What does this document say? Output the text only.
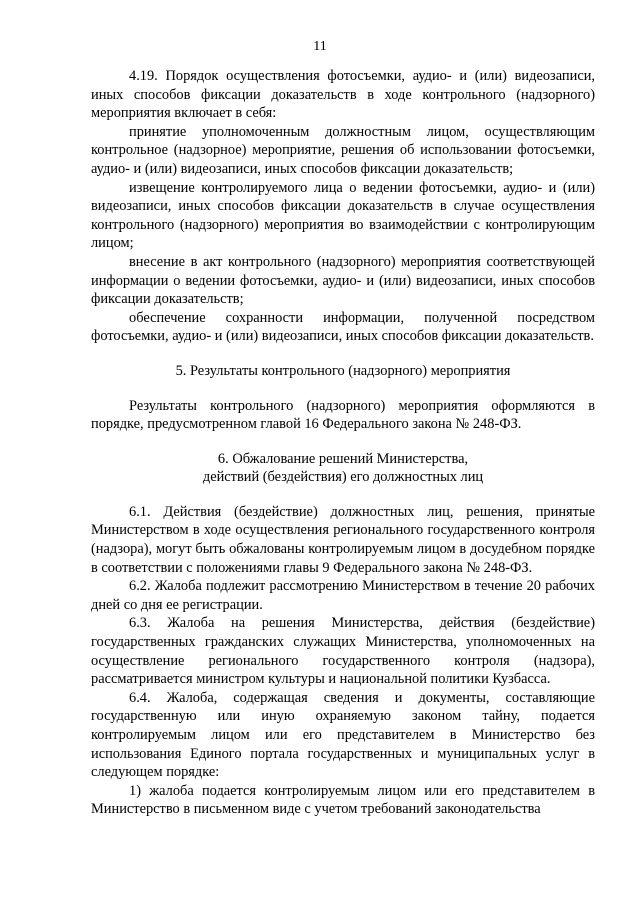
11

4.19. Порядок осуществления фотосъемки, аудио- и (или) видеозаписи, иных способов фиксации доказательств в ходе контрольного (надзорного) мероприятия включает в себя:

принятие уполномоченным должностным лицом, осуществляющим контрольное (надзорное) мероприятие, решения об использовании фотосъемки, аудио- и (или) видеозаписи, иных способов фиксации доказательств;

извещение контролируемого лица о ведении фотосъемки, аудио- и (или) видеозаписи, иных способов фиксации доказательств в случае осуществления контрольного (надзорного) мероприятия во взаимодействии с контролирующим лицом;

внесение в акт контрольного (надзорного) мероприятия соответствующей информации о ведении фотосъемки, аудио- и (или) видеозаписи, иных способов фиксации доказательств;

обеспечение сохранности информации, полученной посредством фотосъемки, аудио- и (или) видеозаписи, иных способов фиксации доказательств.

5. Результаты контрольного (надзорного) мероприятия

Результаты контрольного (надзорного) мероприятия оформляются в порядке, предусмотренном главой 16 Федерального закона № 248-ФЗ.

6. Обжалование решений Министерства,

действий (бездействия) его должностных лиц

6.1. Действия (бездействие) должностных лиц, решения, принятые Министерством в ходе осуществления регионального государственного контроля (надзора), могут быть обжалованы контролируемым лицом в досудебном порядке в соответствии с положениями главы 9 Федерального закона № 248-ФЗ.

6.2. Жалоба подлежит рассмотрению Министерством в течение 20 рабочих дней со дня ее регистрации.

6.3. Жалоба на решения Министерства, действия (бездействие) государственных гражданских служащих Министерства, уполномоченных на осуществление регионального государственного контроля (надзора), рассматривается министром культуры и национальной политики Кузбасса.

6.4. Жалоба, содержащая сведения и документы, составляющие государственную или иную охраняемую законом тайну, подается контролируемым лицом или его представителем в Министерство без использования Единого портала государственных и муниципальных услуг в следующем порядке:

1) жалоба подается контролируемым лицом или его представителем в Министерство в письменном виде с учетом требований законодательства
